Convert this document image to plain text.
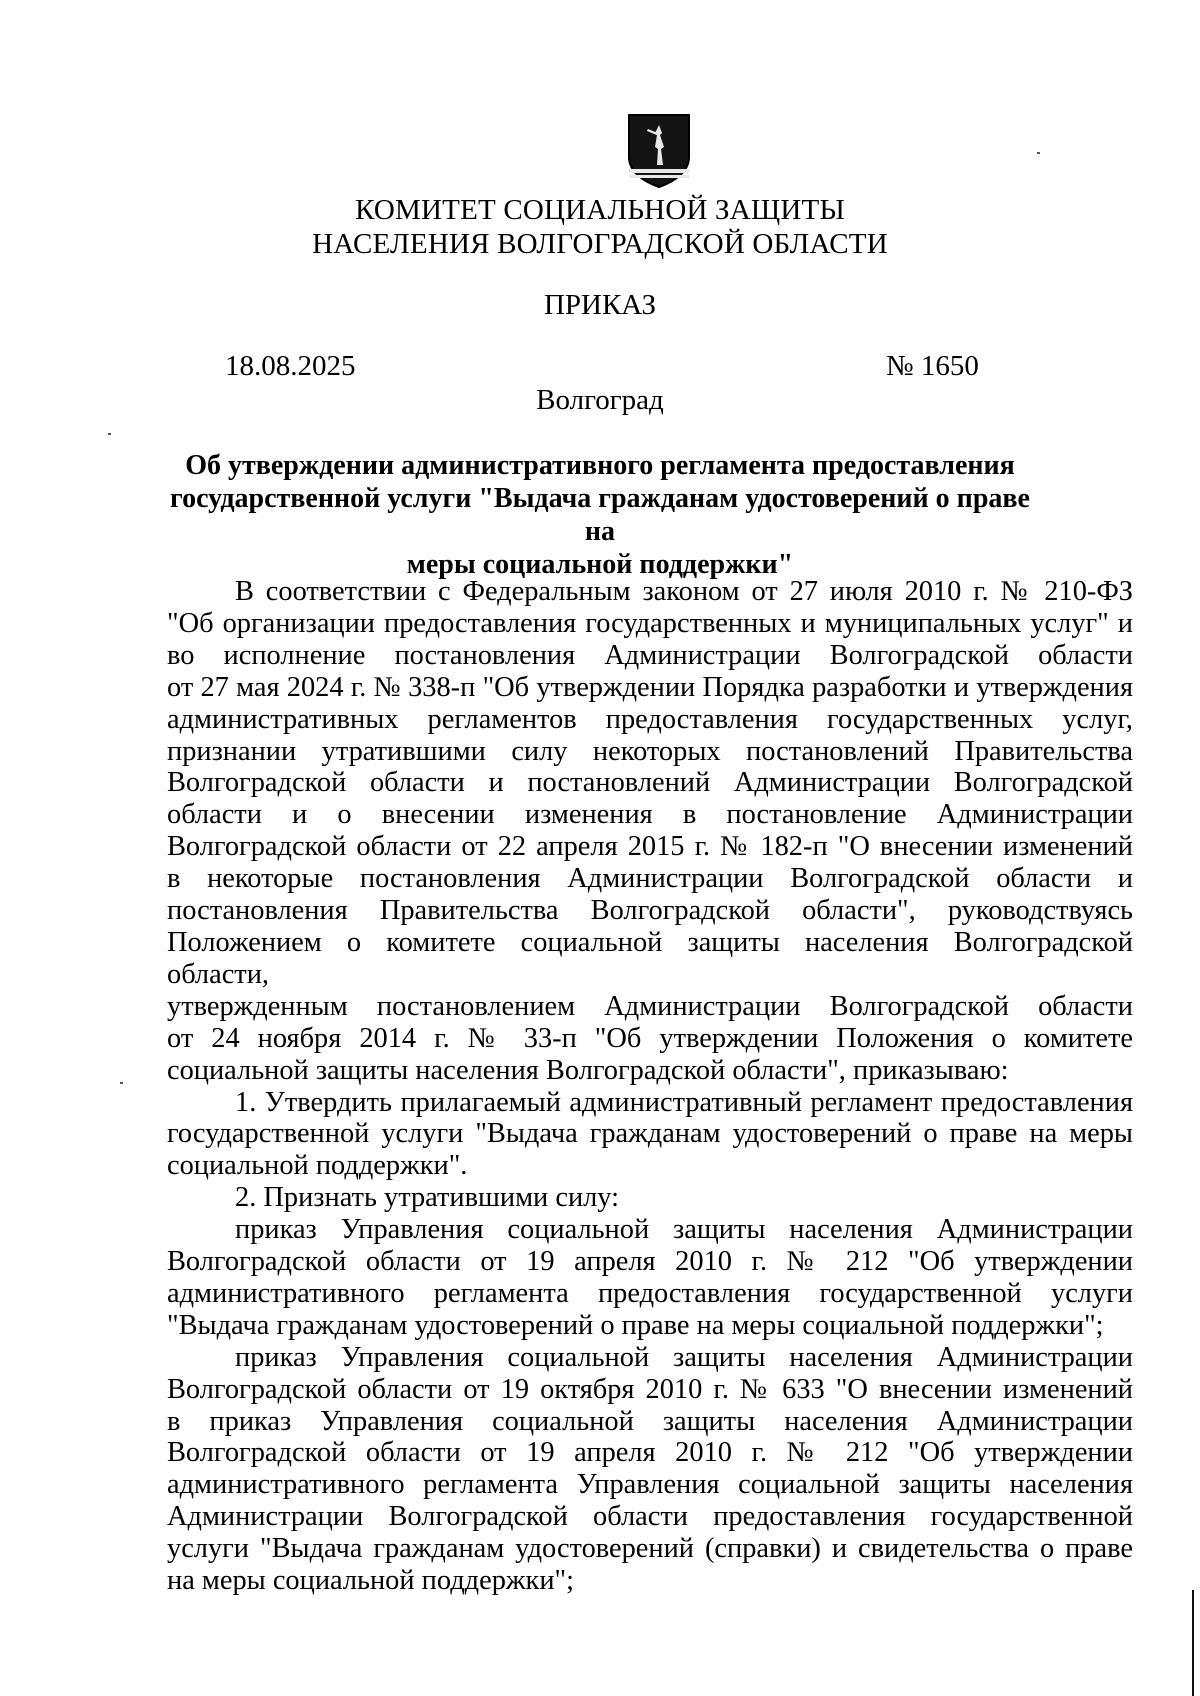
КОМИТЕТ СОЦИАЛЬНОЙ ЗАЩИТЫ
НАСЕЛЕНИЯ ВОЛГОГРАДСКОЙ ОБЛАСТИ
ПРИКАЗ
18.08.2025	№ 1650
Волгоград
Об утверждении административного регламента предоставления
государственной услуги "Выдача гражданам удостоверений о праве на
меры социальной поддержки"

В соответствии с Федеральным законом от 27 июля 2010 г. № 210-ФЗ

"Об организации предоставления государственных и муниципальных услуг" и

во исполнение постановления Администрации Волгоградской области

от 27 мая 2024 г. № 338-п "Об утверждении Порядка разработки и утверждения

административных регламентов предоставления государственных услуг,

признании утратившими силу некоторых постановлений Правительства

Волгоградской области и постановлений Администрации Волгоградской

области и о внесении изменения в постановление Администрации

Волгоградской области от 22 апреля 2015 г. № 182-п "О внесении изменений

в некоторые постановления Администрации Волгоградской области и

постановления Правительства Волгоградской области", руководствуясь

Положением о комитете социальной защиты населения Волгоградской области,

утвержденным постановлением Администрации Волгоградской области

от 24 ноября 2014 г. № 33-п "Об утверждении Положения о комитете

социальной защиты населения Волгоградской области", приказываю:

1. Утвердить прилагаемый административный регламент предоставления

государственной услуги "Выдача гражданам удостоверений о праве на меры

социальной поддержки".

2. Признать утратившими силу:

приказ Управления социальной защиты населения Администрации

Волгоградской области от 19 апреля 2010 г. № 212 "Об утверждении

административного регламента предоставления государственной услуги

"Выдача гражданам удостоверений о праве на меры социальной поддержки";

приказ Управления социальной защиты населения Администрации

Волгоградской области от 19 октября 2010 г. № 633 "О внесении изменений

в приказ Управления социальной защиты населения Администрации

Волгоградской области от 19 апреля 2010 г. № 212 "Об утверждении

административного регламента Управления социальной защиты населения

Администрации Волгоградской области предоставления государственной

услуги "Выдача гражданам удостоверений (справки) и свидетельства о праве

на меры социальной поддержки";
